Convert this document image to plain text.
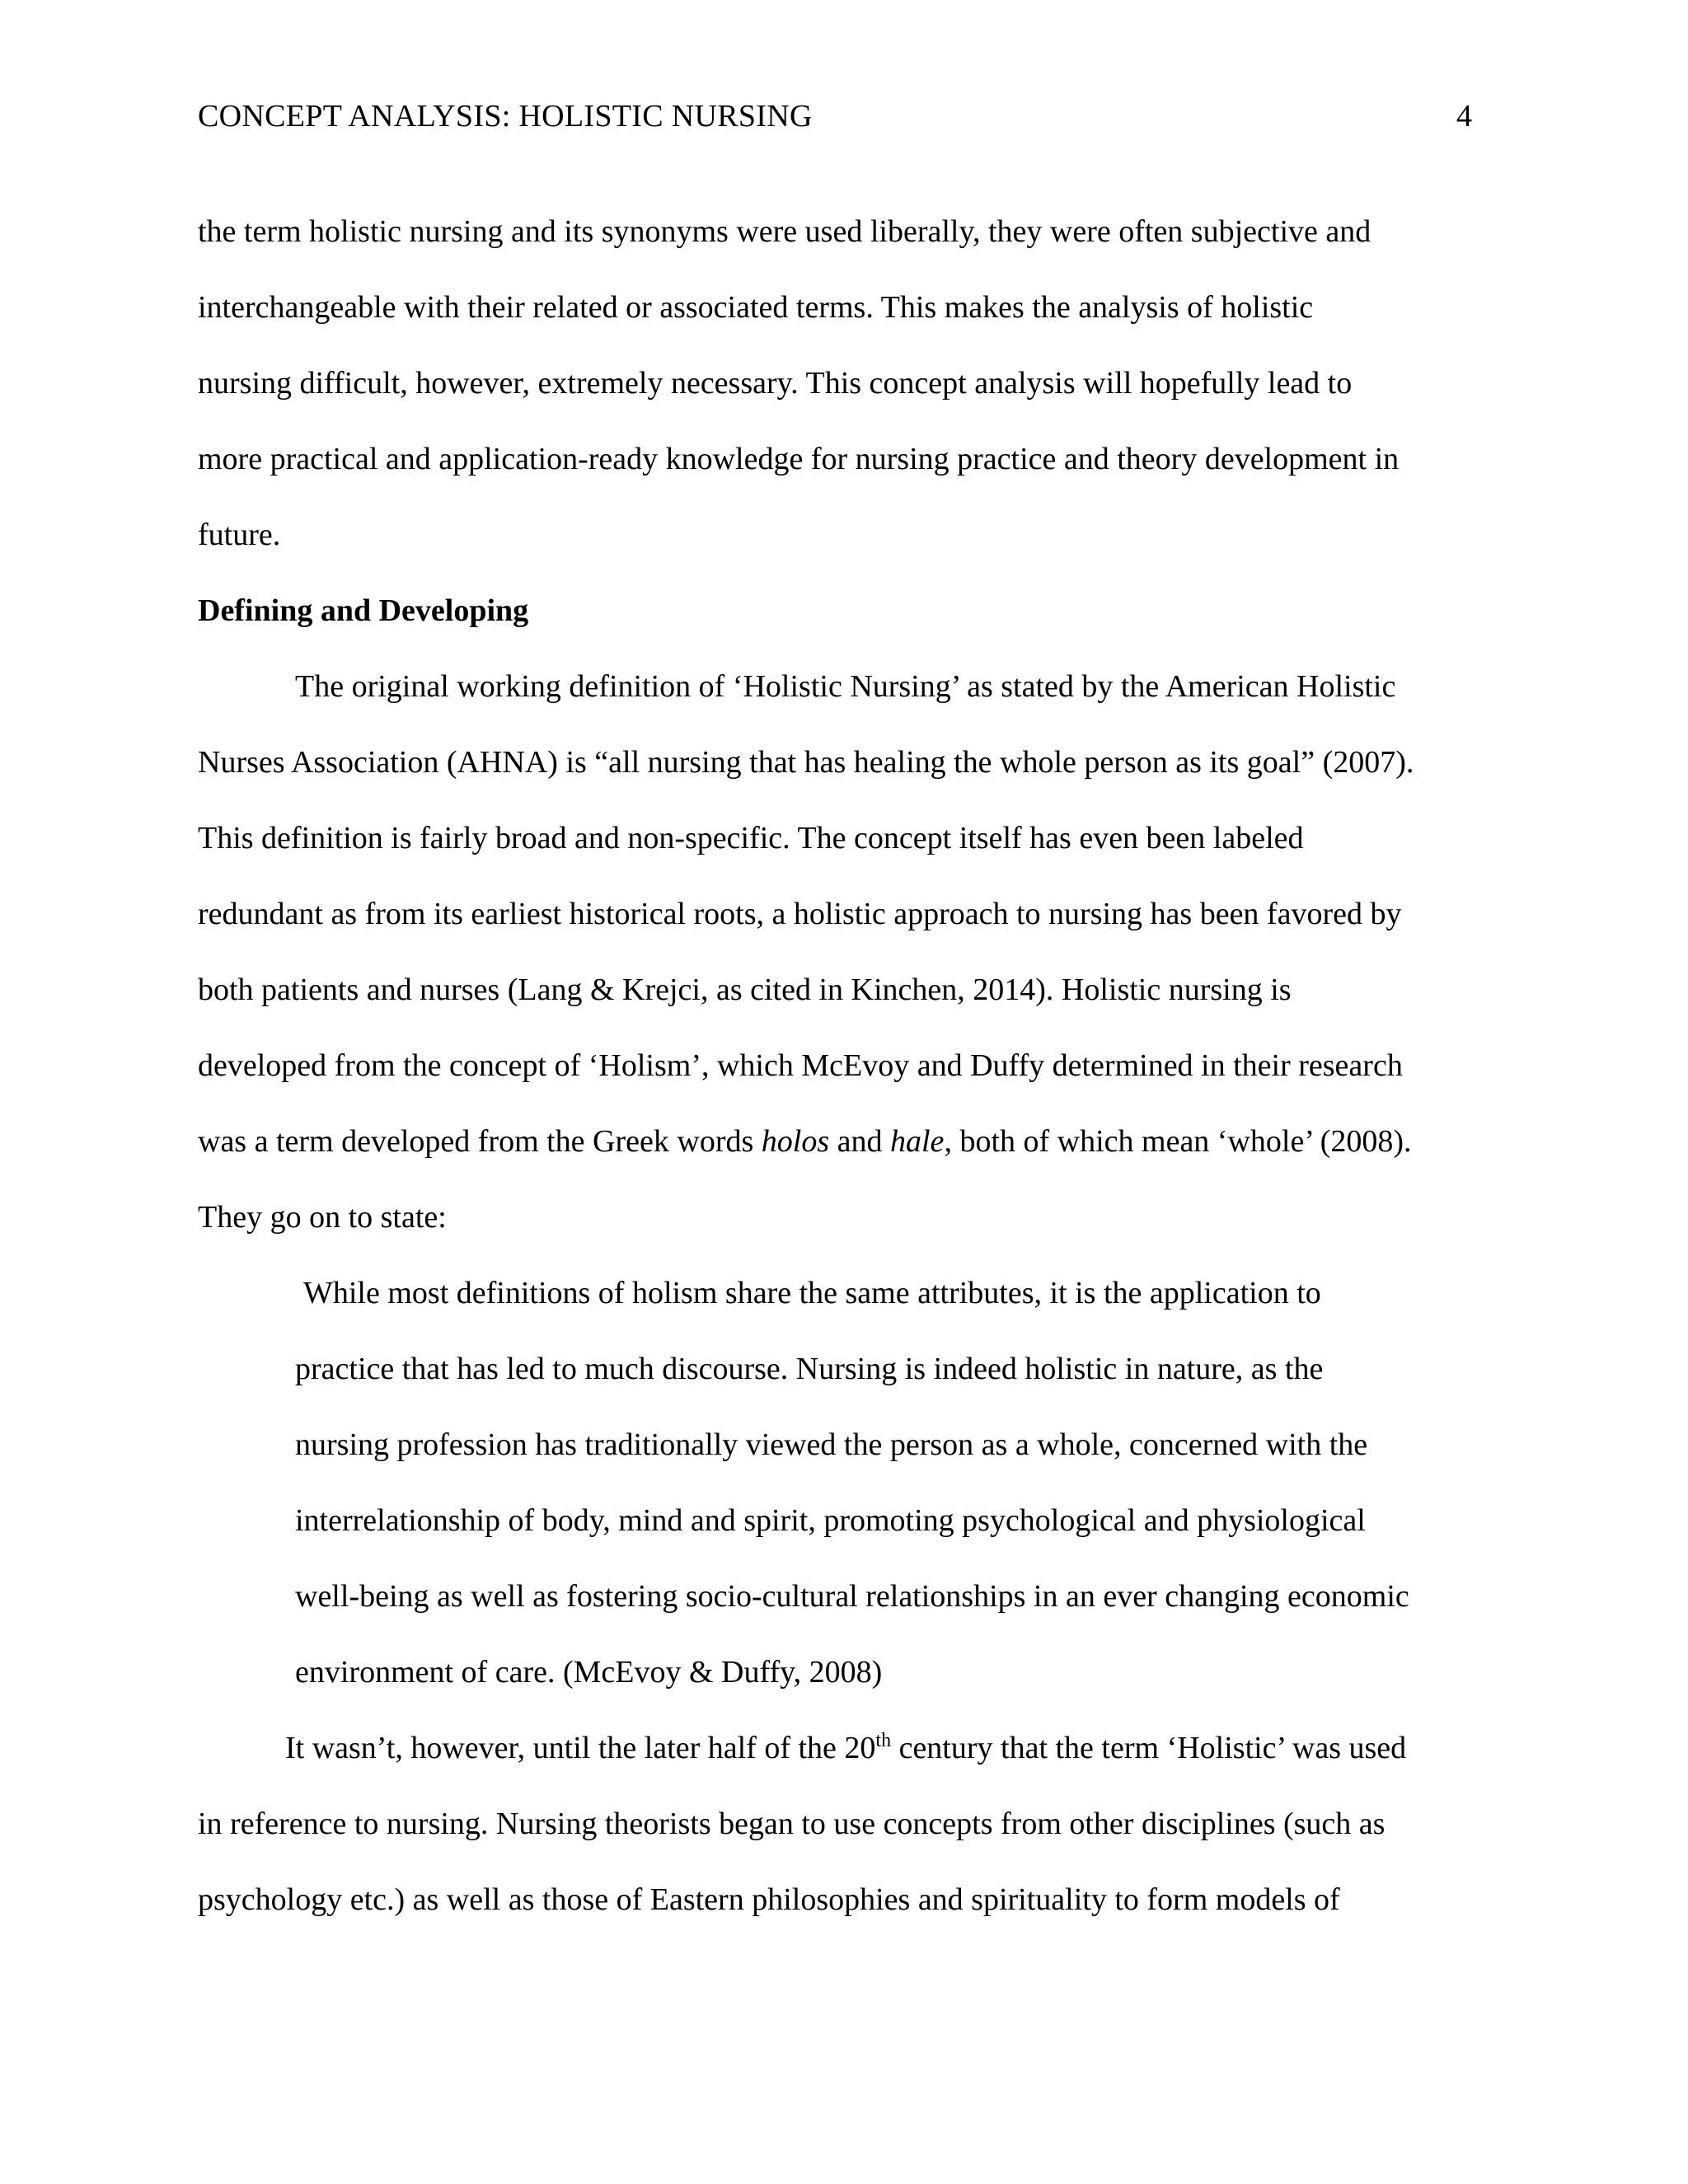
CONCEPT ANALYSIS: HOLISTIC NURSING	4
the term holistic nursing and its synonyms were used liberally, they were often subjective and
interchangeable with their related or associated terms. This makes the analysis of holistic
nursing difficult, however, extremely necessary. This concept analysis will hopefully lead to
more practical and application-ready knowledge for nursing practice and theory development in
future.
Defining and Developing
The original working definition of ‘Holistic Nursing’ as stated by the American Holistic
Nurses Association (AHNA) is “all nursing that has healing the whole person as its goal” (2007).
This definition is fairly broad and non-specific. The concept itself has even been labeled
redundant as from its earliest historical roots, a holistic approach to nursing has been favored by
both patients and nurses (Lang & Krejci, as cited in Kinchen, 2014). Holistic nursing is
developed from the concept of ‘Holism’, which McEvoy and Duffy determined in their research
was a term developed from the Greek words holos and hale, both of which mean ‘whole’ (2008).
They go on to state:
While most definitions of holism share the same attributes, it is the application to
practice that has led to much discourse. Nursing is indeed holistic in nature, as the
nursing profession has traditionally viewed the person as a whole, concerned with the
interrelationship of body, mind and spirit, promoting psychological and physiological
well-being as well as fostering socio-cultural relationships in an ever changing economic
environment of care. (McEvoy & Duffy, 2008)
It wasn’t, however, until the later half of the 20th century that the term ‘Holistic’ was used
in reference to nursing. Nursing theorists began to use concepts from other disciplines (such as
psychology etc.) as well as those of Eastern philosophies and spirituality to form models of
